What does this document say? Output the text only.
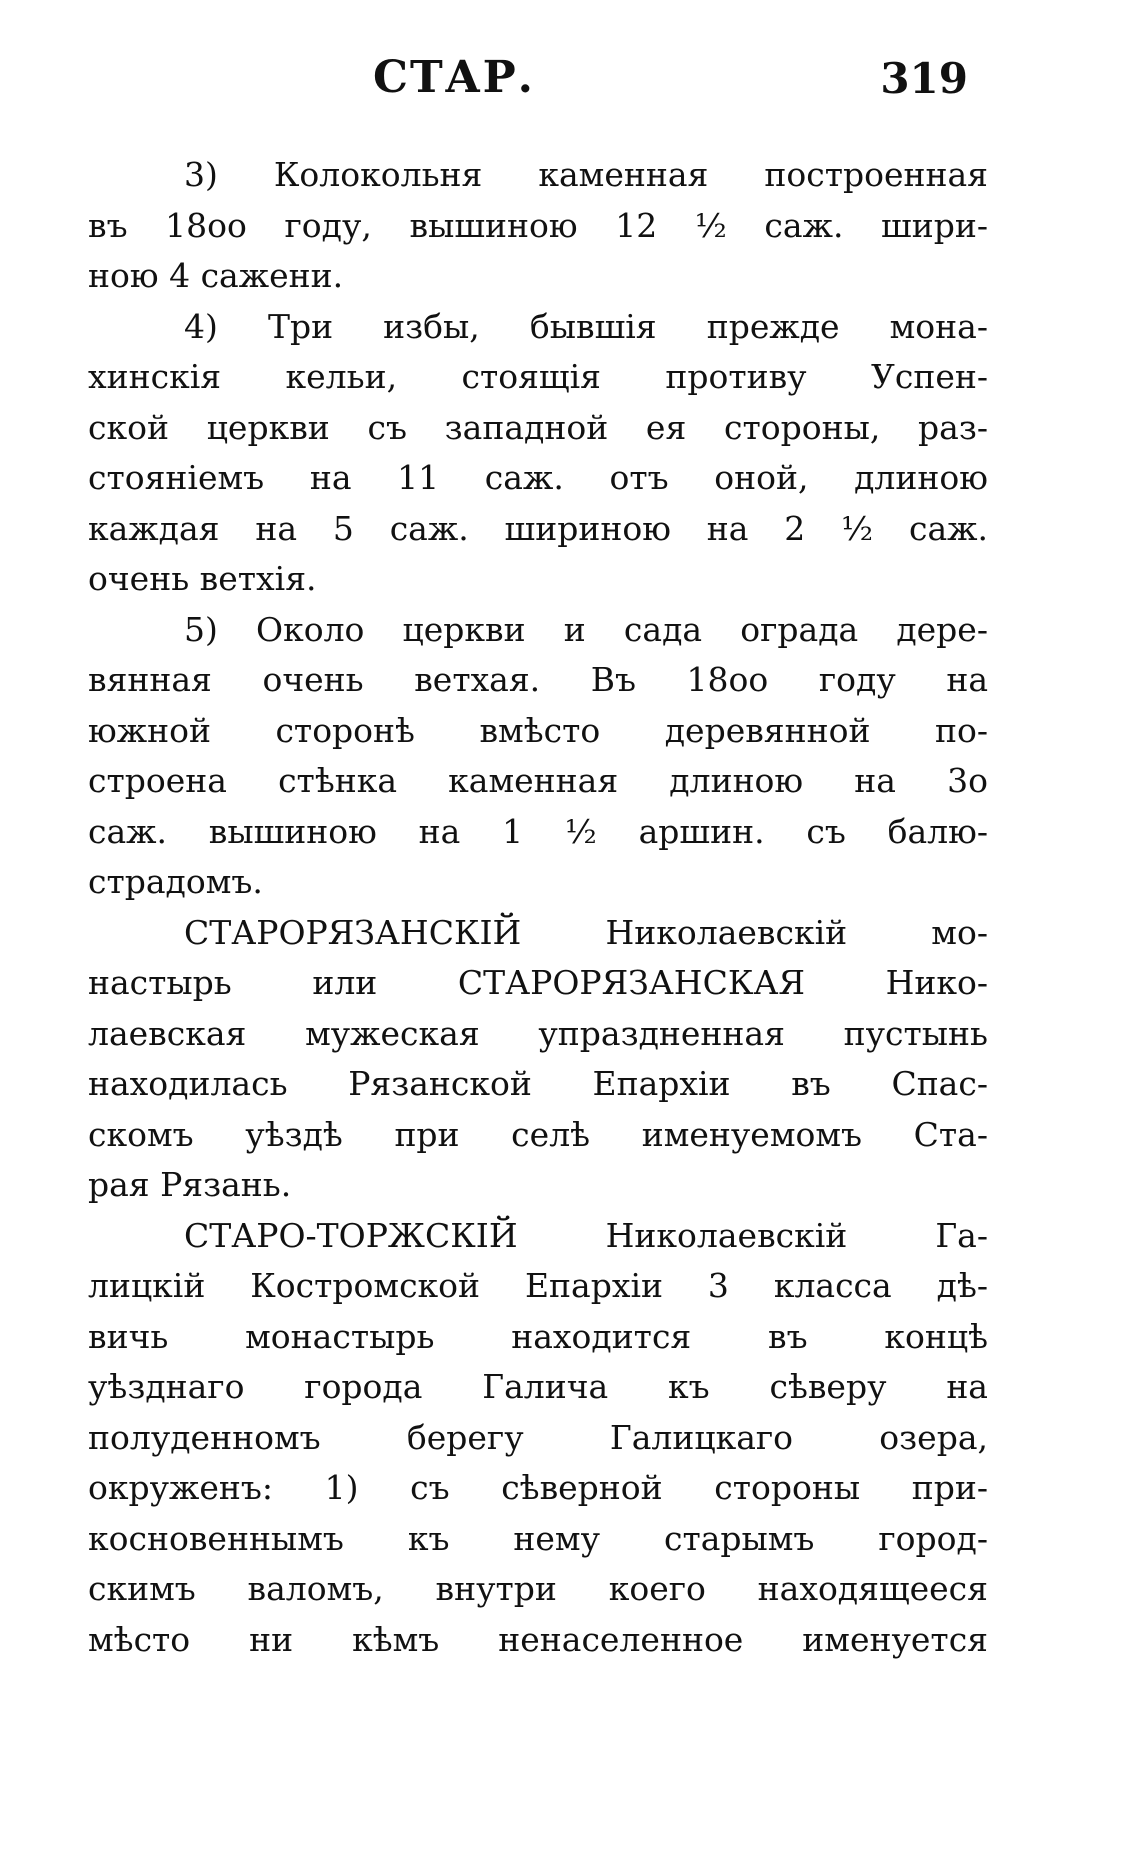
СТАР.	319
3) Колокольня каменная построенная
въ 18оо году, вышиною 12 ½ саж. шири-
ною 4 сажени.
4) Три избы, бывшія прежде мона-
хинскія кельи, стоящія противу Успен-
ской церкви съ западной ея стороны, раз-
стояніемъ на 11 саж. отъ оной, длиною
каждая на 5 саж. шириною на 2 ½ саж.
очень ветхія.
5) Около церкви и сада ограда дере-
вянная очень ветхая. Въ 18оо году на
южной сторонѣ вмѣсто деревянной по-
строена стѣнка каменная длиною на 3о
саж. вышиною на 1 ½ аршин. съ балю-
страдомъ.
СТАРОРЯЗАНСКІЙ Николаевскій мо-
настырь или СТАРОРЯЗАНСКАЯ Нико-
лаевская мужеская упраздненная пустынь
находилась Рязанской Епархіи въ Спас-
скомъ уѣздѣ при селѣ именуемомъ Стa-
рая Рязань.
СТАРО-ТОРЖСКІЙ Николаевскій Га-
лицкій Костромской Епархіи 3 класса дѣ-
вичь монастырь находится въ концѣ
уѣзднаго города Галича къ сѣверу на
полуденномъ берегу Галицкаго озера,
окруженъ: 1) съ сѣверной стороны при-
косновеннымъ къ нему старымъ город-
скимъ валомъ, внутри коего находящееся
мѣсто ни кѣмъ ненаселенное именуется
